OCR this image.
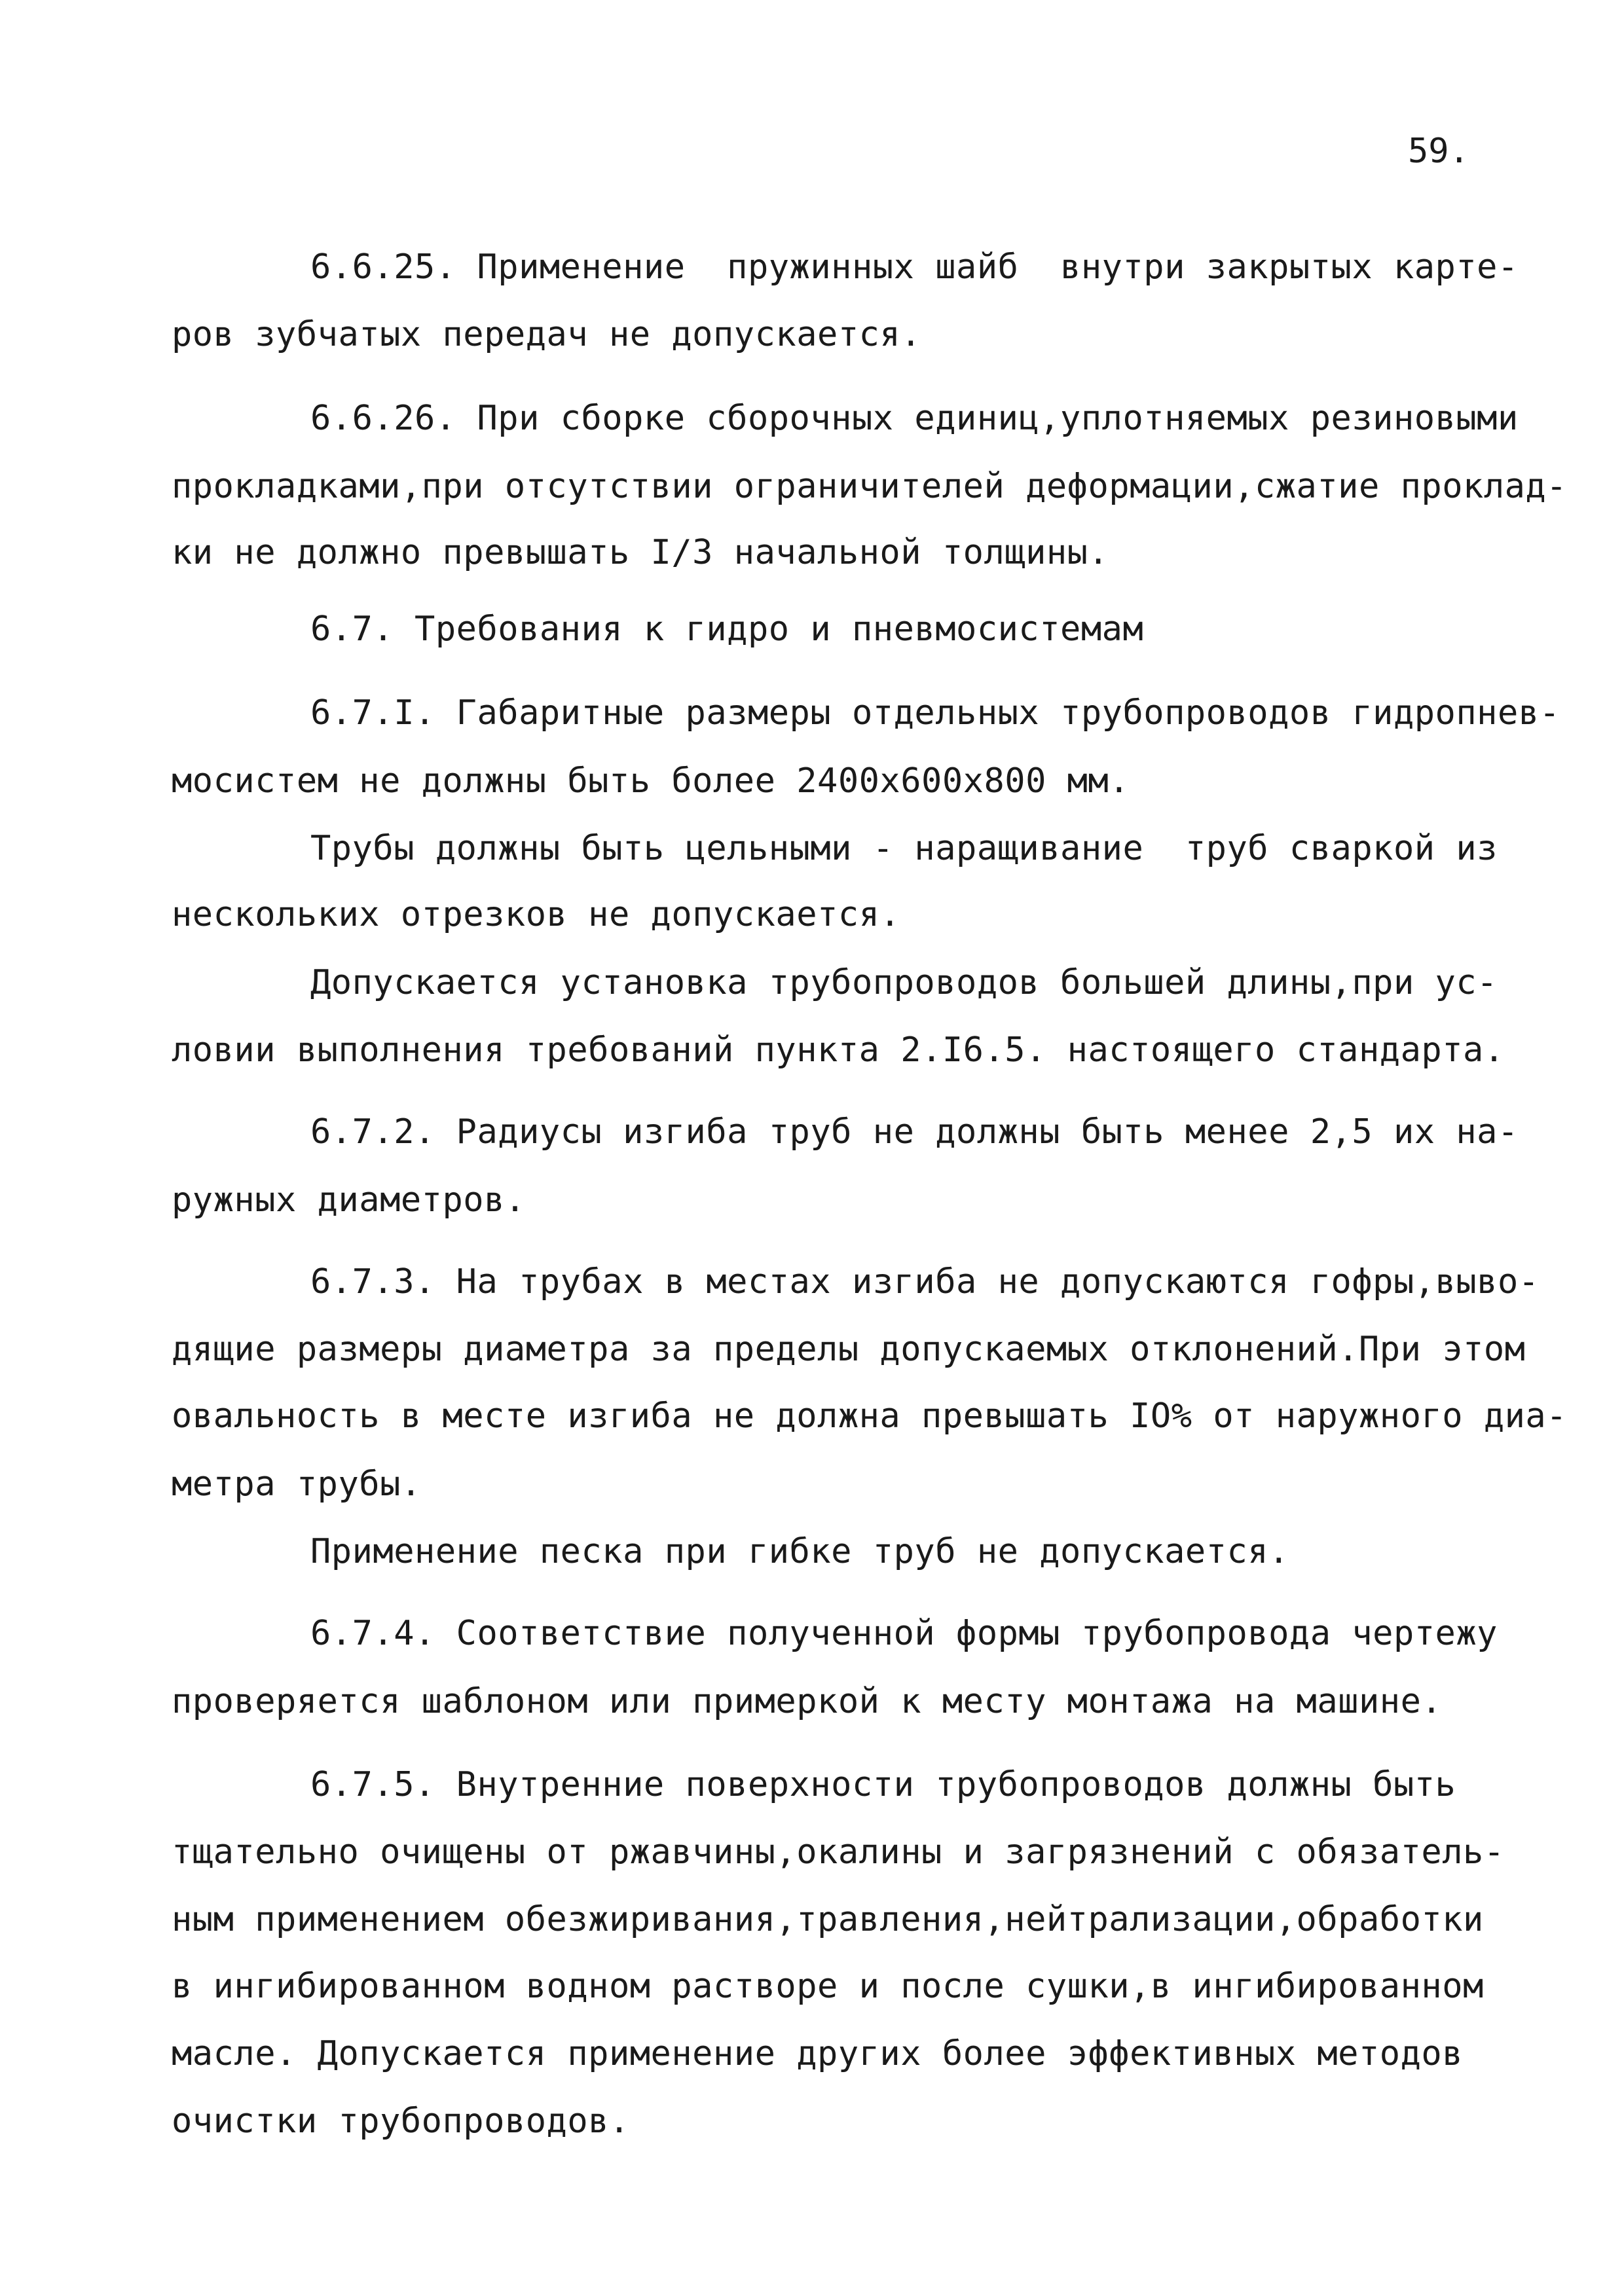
59.
6.6.25. Применение  пружинных шайб  внутри закрытых карте-
ров зубчатых передач не допускается.
6.6.26. При сборке сборочных единиц,уплотняемых резиновыми
прокладками,при отсутствии ограничителей деформации,сжатие проклад-
ки не должно превышать I/3 начальной толщины.
6.7. Требования к гидро и пневмосистемам
6.7.I. Габаритные размеры отдельных трубопроводов гидропнев-
мосистем не должны быть более 2400х600х800 мм.
Трубы должны быть цельными - наращивание  труб сваркой из
нескольких отрезков не допускается.
Допускается установка трубопроводов большей длины,при ус-
ловии выполнения требований пункта 2.I6.5. настоящего стандарта.
6.7.2. Радиусы изгиба труб не должны быть менее 2,5 их на-
ружных диаметров.
6.7.3. На трубах в местах изгиба не допускаются гофры,выво-
дящие размеры диаметра за пределы допускаемых отклонений.При этом
овальность в месте изгиба не должна превышать IO% от наружного диа-
метра трубы.
Применение песка при гибке труб не допускается.
6.7.4. Соответствие полученной формы трубопровода чертежу
проверяется шаблоном или примеркой к месту монтажа на машине.
6.7.5. Внутренние поверхности трубопроводов должны быть
тщательно очищены от ржавчины,окалины и загрязнений с обязатель-
ным применением обезжиривания,травления,нейтрализации,обработки
в ингибированном водном растворе и после сушки,в ингибированном
масле. Допускается применение других более эффективных методов
очистки трубопроводов.
